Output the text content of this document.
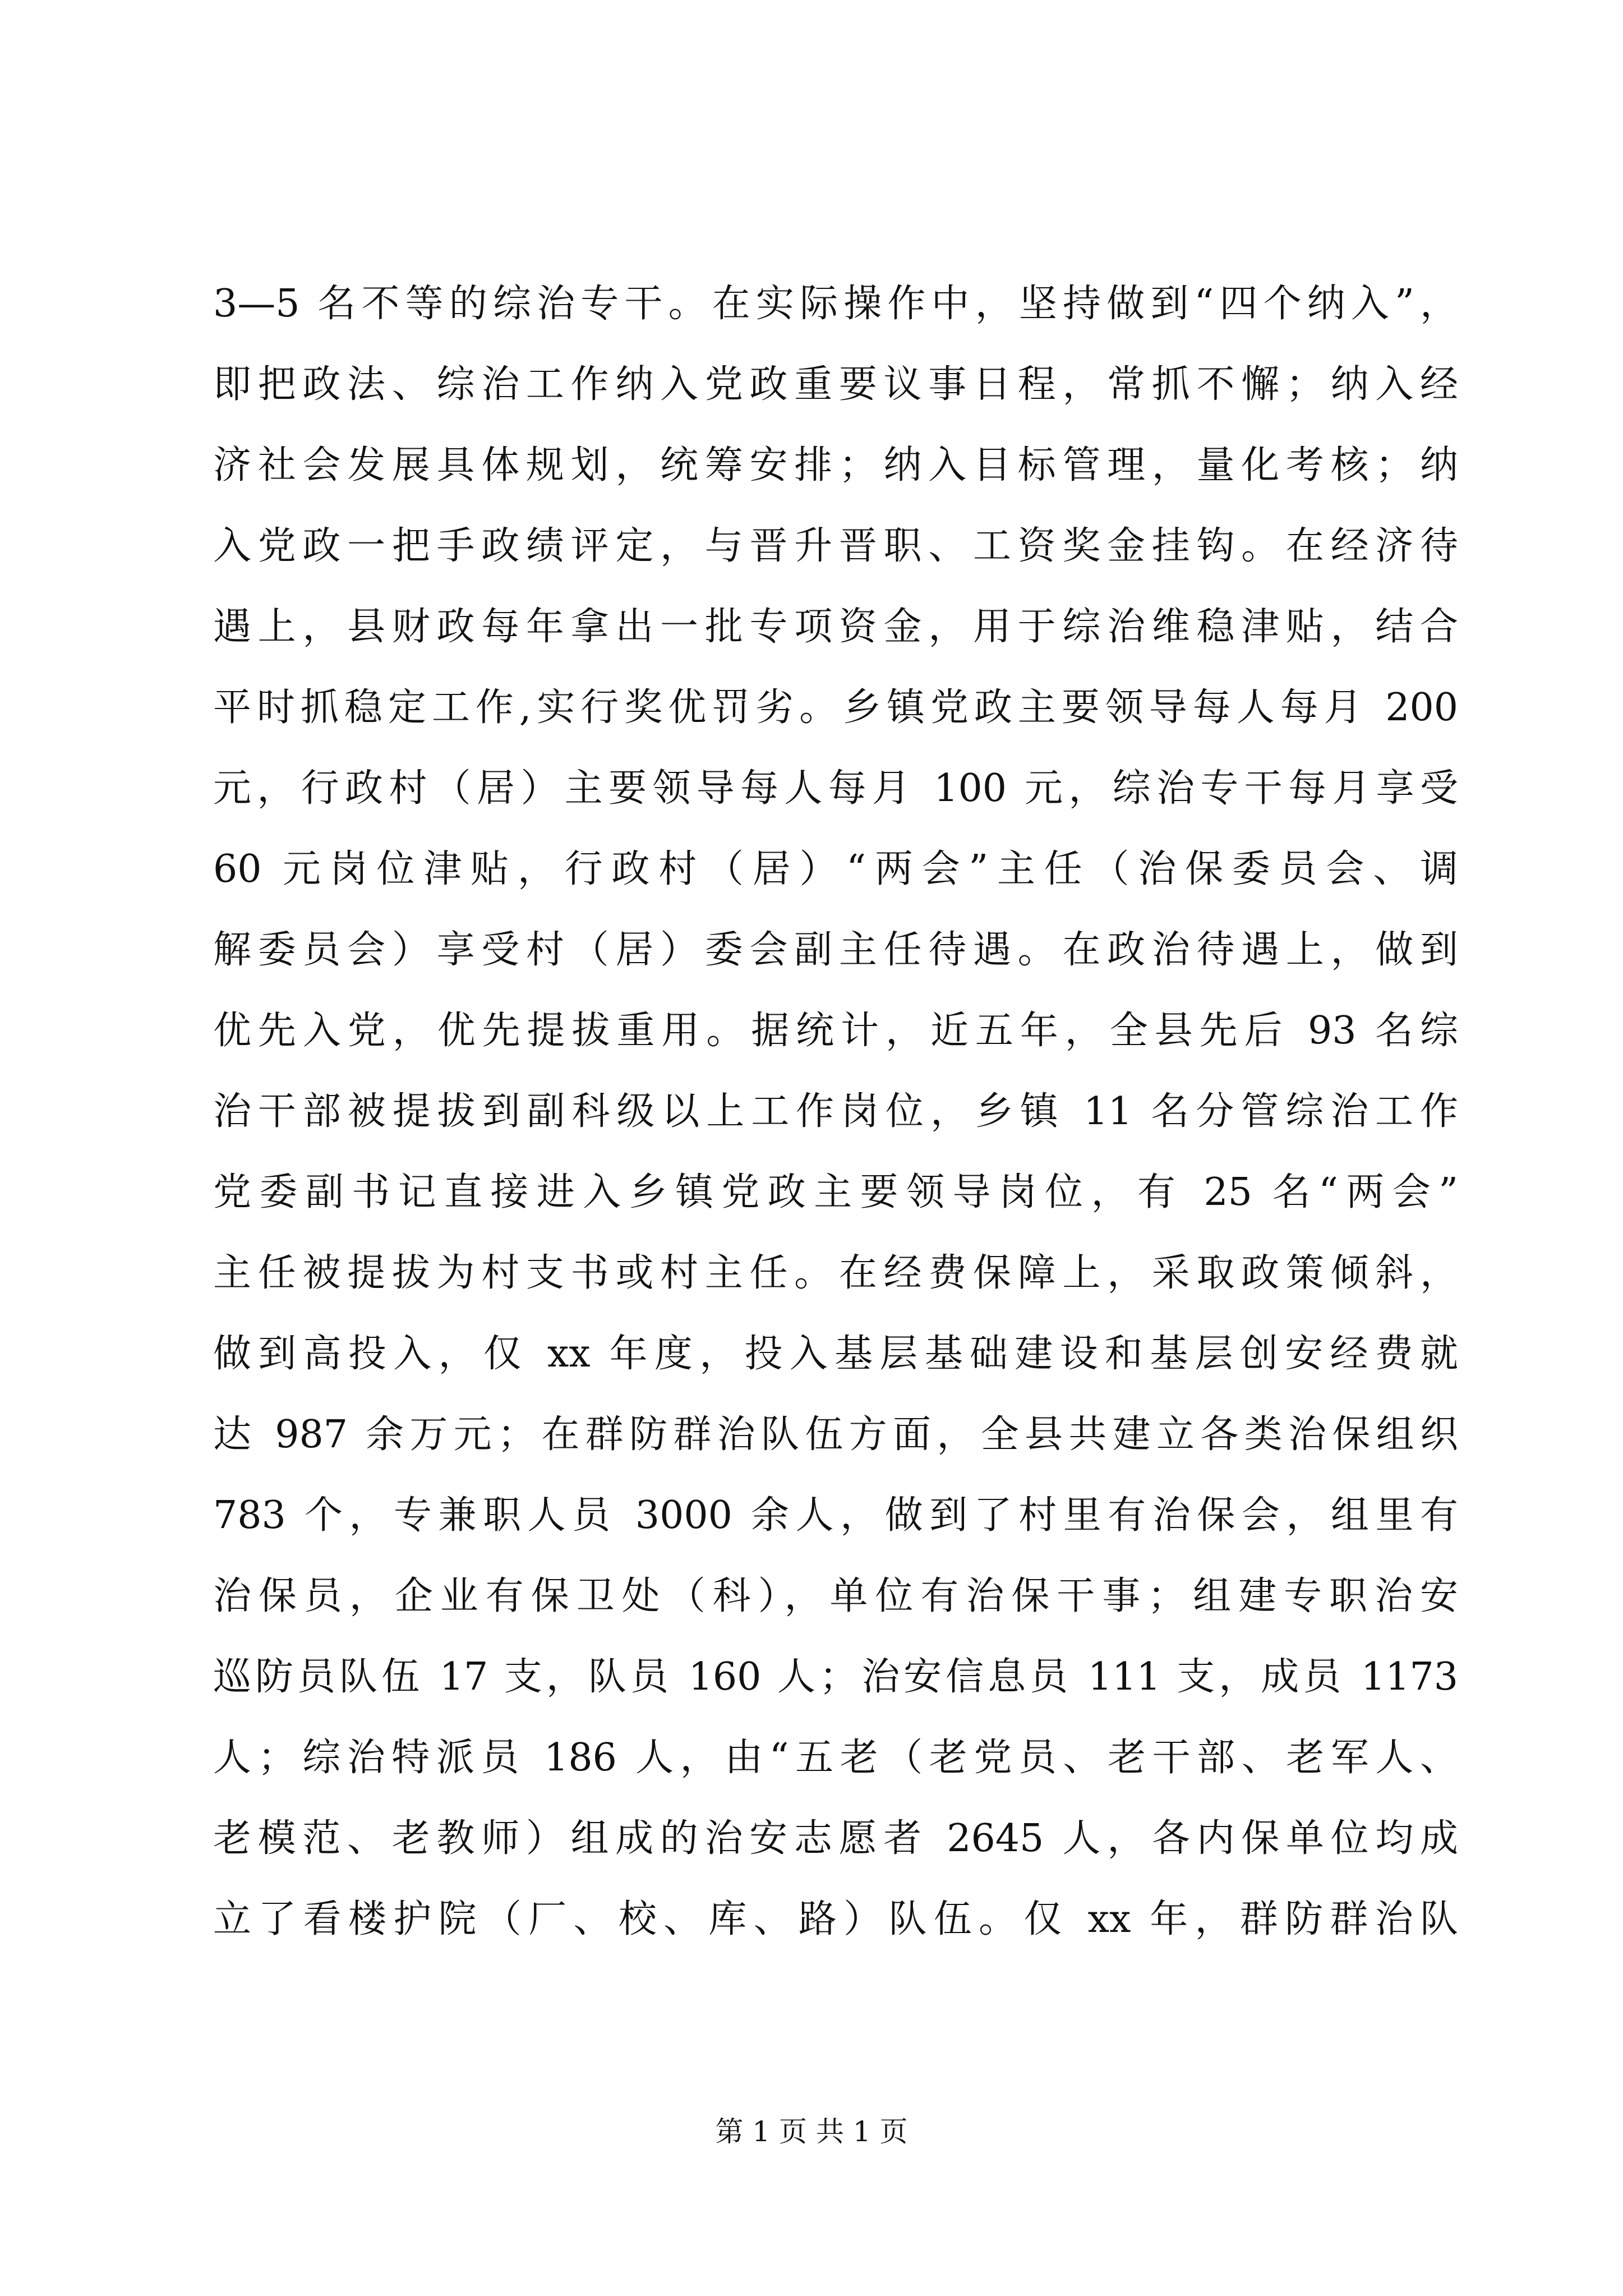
3—5 名不等的综治专干。在实际操作中，坚持做到“四个纳入”，
即把政法、综治工作纳入党政重要议事日程，常抓不懈；纳入经
济社会发展具体规划，统筹安排；纳入目标管理，量化考核；纳
入党政一把手政绩评定，与晋升晋职、工资奖金挂钩。在经济待
遇上，县财政每年拿出一批专项资金，用于综治维稳津贴，结合
平时抓稳定工作,实行奖优罚劣。乡镇党政主要领导每人每月 200
元，行政村（居）主要领导每人每月 100 元，综治专干每月享受
60 元岗位津贴，行政村（居）“两会”主任（治保委员会、调
解委员会）享受村（居）委会副主任待遇。在政治待遇上，做到
优先入党，优先提拔重用。据统计，近五年，全县先后 93 名综
治干部被提拔到副科级以上工作岗位，乡镇 11 名分管综治工作
党委副书记直接进入乡镇党政主要领导岗位，有 25 名“两会”
主任被提拔为村支书或村主任。在经费保障上，采取政策倾斜，
做到高投入，仅 xx 年度，投入基层基础建设和基层创安经费就
达 987 余万元；在群防群治队伍方面，全县共建立各类治保组织
783 个，专兼职人员 3000 余人，做到了村里有治保会，组里有
治保员，企业有保卫处（科），单位有治保干事；组建专职治安
巡防员队伍 17 支，队员 160 人；治安信息员 111 支，成员 1173
人；综治特派员 186 人，由“五老（老党员、老干部、老军人、
老模范、老教师）组成的治安志愿者 2645 人，各内保单位均成
立了看楼护院（厂、校、库、路）队伍。仅 xx 年，群防群治队
第 1 页 共 1 页
